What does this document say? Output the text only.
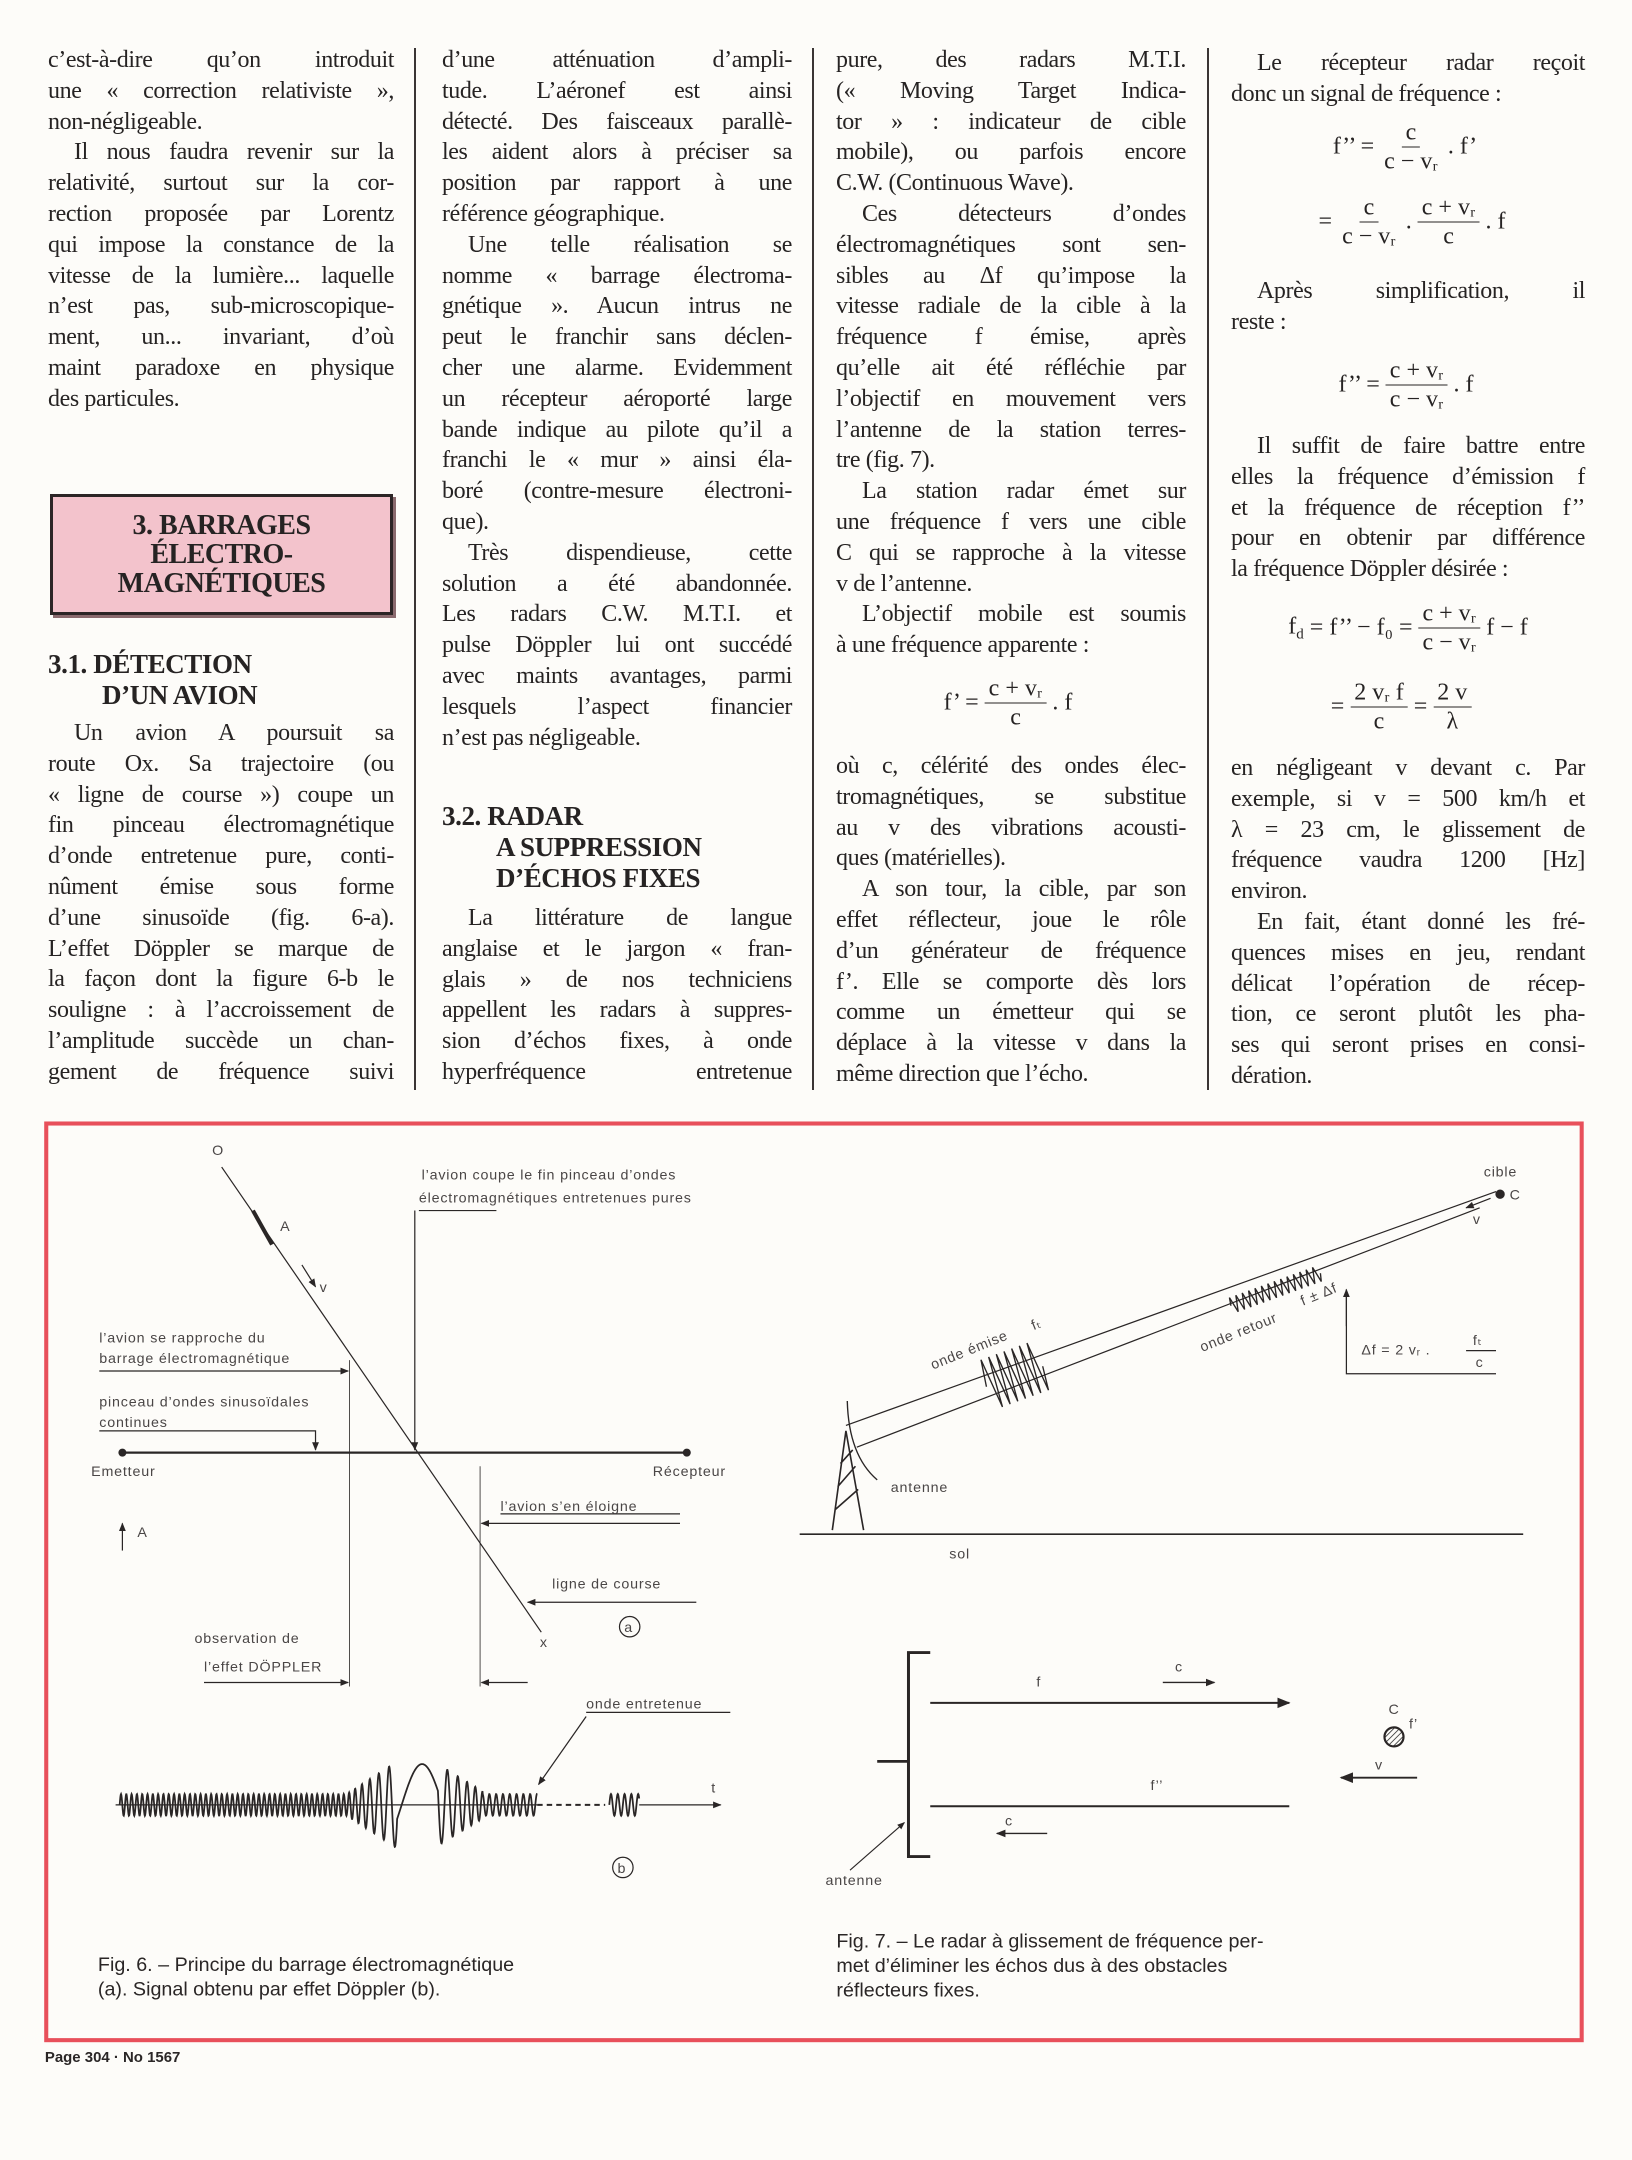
c’est-à-dire qu’on introduit
une « correction relativiste »,
non-négligeable.
Il nous faudra revenir sur la
relativité, surtout sur la cor-
rection proposée par Lorentz
qui impose la constance de la
vitesse de la lumière... laquelle
n’est pas, sub-microscopique-
ment, un... invariant, d’où
maint paradoxe en physique
des particules.
3. BARRAGES
ÉLECTRO-
MAGNÉTIQUES
3.1. DÉTECTION
D’UN AVION
Un avion A poursuit sa
route Ox. Sa trajectoire (ou
« ligne de course ») coupe un
fin pinceau électromagnétique
d’onde entretenue pure, conti-
nûment émise sous forme
d’une sinusoïde (fig. 6-a).
L’effet Döppler se marque de
la façon dont la figure 6-b le
souligne : à l’accroissement de
l’amplitude succède un chan-
gement de fréquence suivi
d’une atténuation d’ampli-
tude. L’aéronef est ainsi
détecté. Des faisceaux parallè-
les aident alors à préciser sa
position par rapport à une
référence géographique.
Une telle réalisation se
nomme « barrage électroma-
gnétique ». Aucun intrus ne
peut le franchir sans déclen-
cher une alarme. Evidemment
un récepteur aéroporté large
bande indique au pilote qu’il a
franchi le « mur » ainsi éla-
boré (contre-mesure électroni-
que).
Très dispendieuse, cette
solution a été abandonnée.
Les radars C.W. M.T.I. et
pulse Döppler lui ont succédé
avec maints avantages, parmi
lesquels l’aspect financier
n’est pas négligeable.
3.2. RADAR
A SUPPRESSION
D’ÉCHOS FIXES
La littérature de langue
anglaise et le jargon « fran-
glais » de nos techniciens
appellent les radars à suppres-
sion d’échos fixes, à onde
hyperfréquence entretenue
pure, des radars M.T.I.
(« Moving Target Indica-
tor » : indicateur de cible
mobile), ou parfois encore
C.W. (Continuous Wave).
Ces détecteurs d’ondes
électromagnétiques sont sen-
sibles au Δf qu’impose la
vitesse radiale de la cible à la
fréquence f émise, après
qu’elle ait été réfléchie par
l’objectif en mouvement vers
l’antenne de la station terres-
tre (fig. 7).
La station radar émet sur
une fréquence f vers une cible
C qui se rapproche à la vitesse
v de l’antenne.
L’objectif mobile est soumis
à une fréquence apparente :
f’ = $\frac{\text{c + vᵣ}}{c}$ . f
où c, célérité des ondes élec-
tromagnétiques, se substitue
au v des vibrations acousti-
ques (matérielles).
A son tour, la cible, par son
effet réflecteur, joue le rôle
d’un générateur de fréquence
f’. Elle se comporte dès lors
comme un émetteur qui se
déplace à la vitesse v dans la
même direction que l’écho.
Le récepteur radar reçoit
donc un signal de fréquence :
f’’ = $\frac{c}{\text{c − vᵣ}}$ . f’
= $\frac{c}{\text{c − vᵣ}}$ . $\frac{\text{c + vᵣ}}{c}$ . f
Après simplification, il
reste :
f’’ = $\frac{\text{c + vᵣ}}{\text{c − vᵣ}}$ . f
Il suffit de faire battre entre
elles la fréquence d’émission f
et la fréquence de réception f’’
pour en obtenir par différence
la fréquence Döppler désirée :
$f_d = f$’’ − $f_0 = \frac{\text{c + vᵣ}}{\text{c − vᵣ}}$ f − f
= $\frac{\text{2 vᵣ f}}{c} = \frac{2 v}{\lambda}$
en négligeant v devant c. Par
exemple, si v = 500 km/h et
λ = 23 cm, le glissement de
fréquence vaudra 1200 [Hz]
environ.
En fait, étant donné les fré-
quences mises en jeu, rendant
délicat l’opération de récep-
tion, ce seront plutôt les pha-
ses qui seront prises en consi-
dération.
O
A
v
l’avion coupe le fin pinceau d’ondes
électromagnétiques entretenues pures
l’avion se rapproche du
barrage électromagnétique
pinceau d’ondes sinusoïdales
continues
Emetteur	Récepteur
l’avion s’en éloigne
A
ligne de course
a
x
observation de
l’effet DÖPPLER
onde entretenue
t
b
Fig. 6. – Principe du barrage électromagnétique
(a). Signal obtenu par effet Döppler (b).
cible
C
v
onde émise
fₜ	onde retour
f ± Δf
Δf = 2 vᵣ .
fₜ
c
antenne
sol
f
c
f’’
c
C
f’
v
antenne
Fig. 7. – Le radar à glissement de fréquence per-
met d’éliminer les échos dus à des obstacles
réflecteurs fixes.
Page 304 · No 1567
